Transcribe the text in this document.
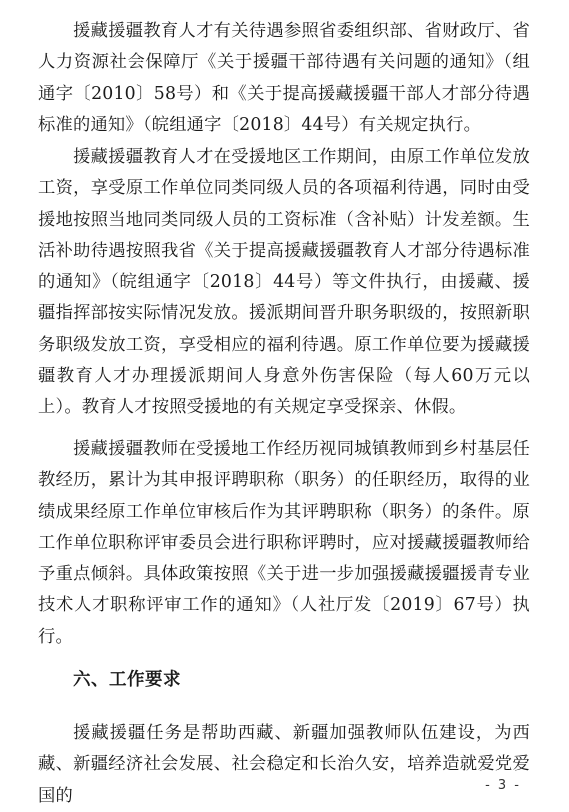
援藏援疆教育人才有关待遇参照省委组织部、省财政厅、省人力资源社会保障厅《关于援疆干部待遇有关问题的通知》（组通字〔2010〕58号）和《关于提高援藏援疆干部人才部分待遇标准的通知》（皖组通字〔2018〕44号）有关规定执行。

援藏援疆教育人才在受援地区工作期间，由原工作单位发放工资，享受原工作单位同类同级人员的各项福利待遇，同时由受援地按照当地同类同级人员的工资标准（含补贴）计发差额。生活补助待遇按照我省《关于提高援藏援疆教育人才部分待遇标准的通知》（皖组通字〔2018〕44号）等文件执行，由援藏、援疆指挥部按实际情况发放。援派期间晋升职务职级的，按照新职务职级发放工资，享受相应的福利待遇。原工作单位要为援藏援疆教育人才办理援派期间人身意外伤害保险（每人60万元以上）。教育人才按照受援地的有关规定享受探亲、休假。

援藏援疆教师在受援地工作经历视同城镇教师到乡村基层任教经历，累计为其申报评聘职称（职务）的任职经历，取得的业绩成果经原工作单位审核后作为其评聘职称（职务）的条件。原工作单位职称评审委员会进行职称评聘时，应对援藏援疆教师给予重点倾斜。具体政策按照《关于进一步加强援藏援疆援青专业技术人才职称评审工作的通知》（人社厅发〔2019〕67号）执行。

六、工作要求

援藏援疆任务是帮助西藏、新疆加强教师队伍建设，为西藏、新疆经济社会发展、社会稳定和长治久安，培养造就爱党爱国的

- 3 -
